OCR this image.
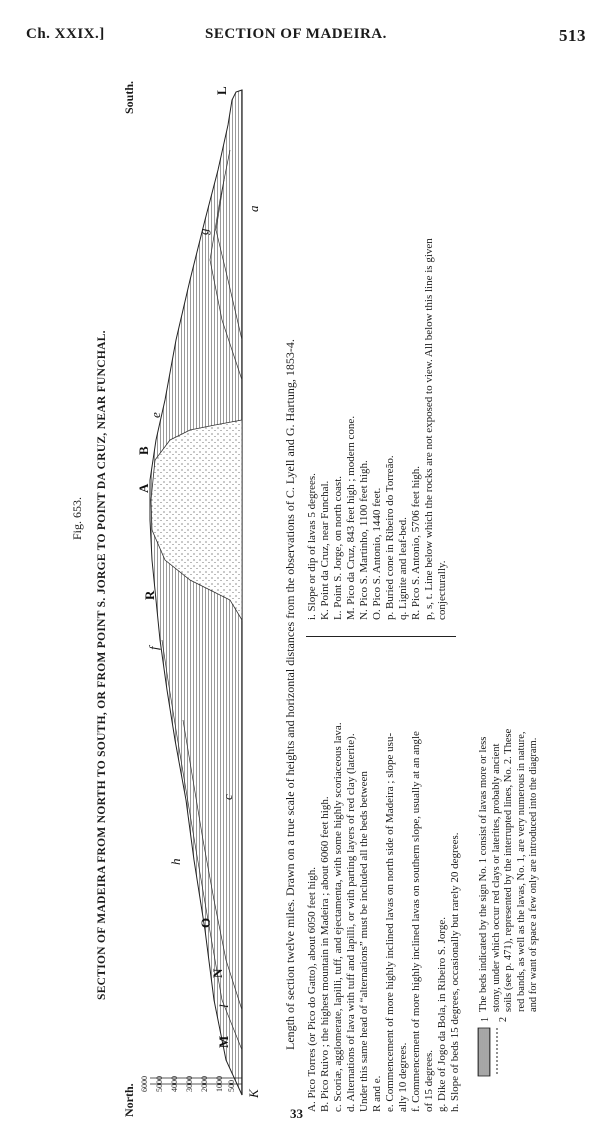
Ch. XXIX.]	SECTION OF MADEIRA.	513
Fig. 653. SECTION OF MADEIRA FROM NORTH TO SOUTH, OR FROM POINT S. JORGE TO POINT DA CRUZ, NEAR FUNCHAL.
South.
North. 6000 5000 4000 3000 2000 1000 500
K
M
l
N
O
h
f
R
A
B
e
g
L
a
c	Length of section twelve miles. Drawn on a true scale of heights and horizontal distances from the observations of C. Lyell and G. Hartung, 1853-4. A. Pico Torres (or Pico do Gatto), about 6050 feet high. B. Pico Ruivo ; the highest mountain in Madeira ; about 6060 feet high. c. Scoriæ, agglomerate, lapilli, tuff, and ejectamenta, with some highly scoriaceous lava. d. Alternations of lava with tuff and lapilli, or with parting layers of red clay (laterite). Under this same head of “alternations” must be included all the beds between R and e. e. Commencement of more highly inclined lavas on north side of Madeira ; slope usu- ally 10 degrees. f. Commencement of more highly inclined lavas on southern slope, usually at an angle of 15 degrees. g. Dike of Jogo da Bola, in Ribeiro S. Jorge. h. Slope of beds 15 degrees, occasionally but rarely 20 degrees.
i. Slope or dip of lavas 5 degrees. K. Point da Cruz, near Funchal. L. Point S. Jorge, on north coast. M. Pico da Cruz, 843 feet high ; modern cone. N. Pico S. Martinho, 1100 feet high. O. Pico S. Antonio, 1440 feet. p. Buried cone in Ribeiro do Torreão. q. Lignite and leaf-bed. R. Pico S. Antonio, 5706 feet high. p, s, t. Line below which the rocks are not exposed to view. All below this line is given conjecturally.
1 2
The beds indicated by the sign No. 1 consist of lavas more or less stony, under which occur red clays or laterites, probably ancient soils (see p. 471), represented by the interrupted lines, No. 2. These red bands, as well as the lavas, No. 1, are very numerous in nature, and for want of space a few only are introduced into the diagram.
33
